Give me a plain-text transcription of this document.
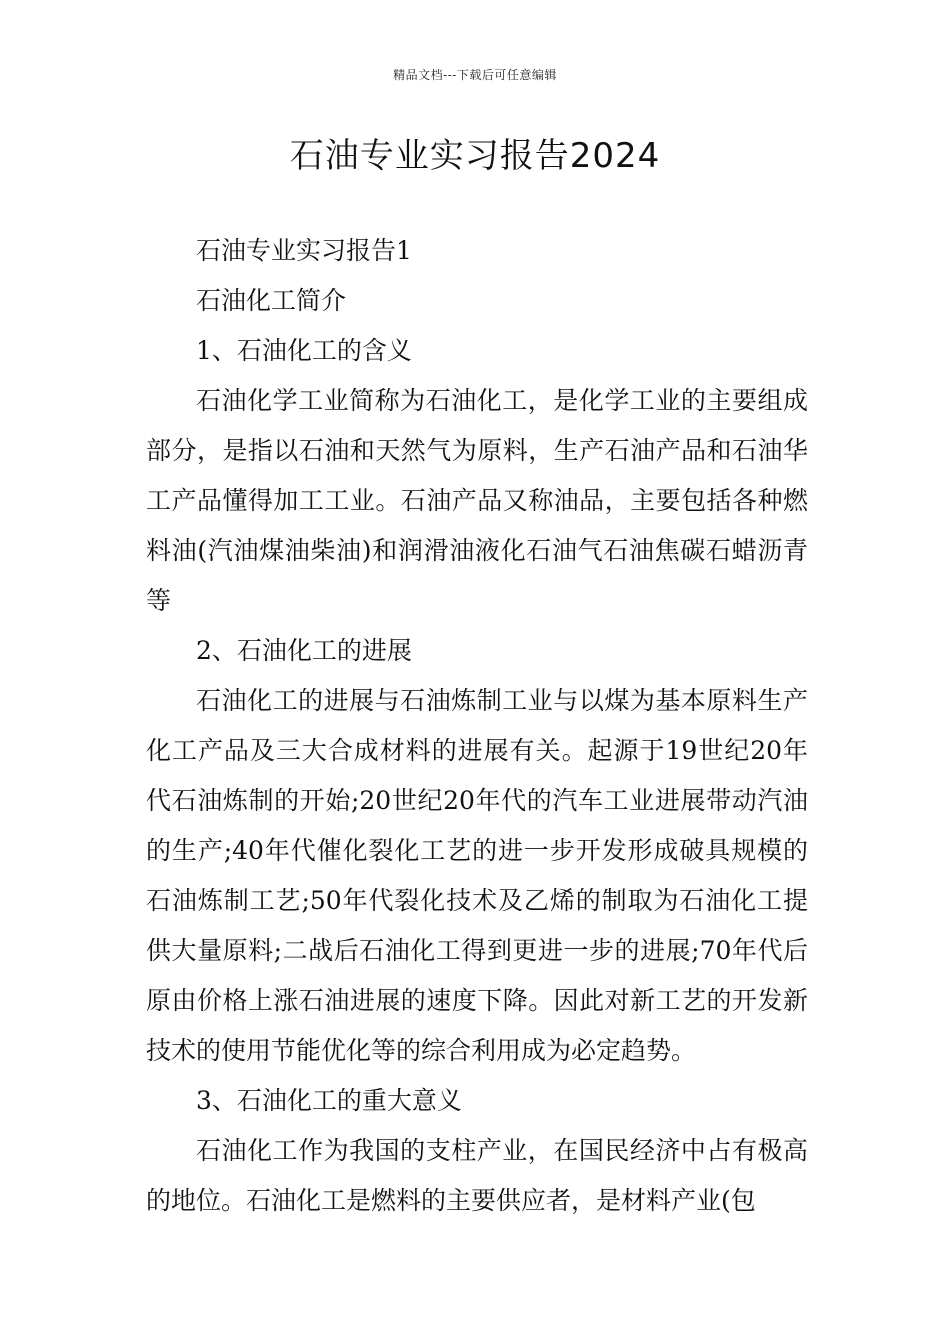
精品文档---下载后可任意编辑
石油专业实习报告2024

石油专业实习报告1

石油化工简介

1、石油化工的含义

石油化学工业简称为石油化工，是化学工业的主要组成部分，是指以石油和天然气为原料，生产石油产品和石油华工产品懂得加工工业。石油产品又称油品，主要包括各种燃料油(汽油煤油柴油)和润滑油液化石油气石油焦碳石蜡沥青等

2、石油化工的进展

石油化工的进展与石油炼制工业与以煤为基本原料生产化工产品及三大合成材料的进展有关。起源于19世纪20年代石油炼制的开始;20世纪20年代的汽车工业进展带动汽油的生产;40年代催化裂化工艺的进一步开发形成破具规模的石油炼制工艺;50年代裂化技术及乙烯的制取为石油化工提供大量原料;二战后石油化工得到更进一步的进展;70年代后原由价格上涨石油进展的速度下降。因此对新工艺的开发新技术的使用节能优化等的综合利用成为必定趋势。

3、石油化工的重大意义

石油化工作为我国的支柱产业，在国民经济中占有极高的地位。石油化工是燃料的主要供应者，是材料产业(包
